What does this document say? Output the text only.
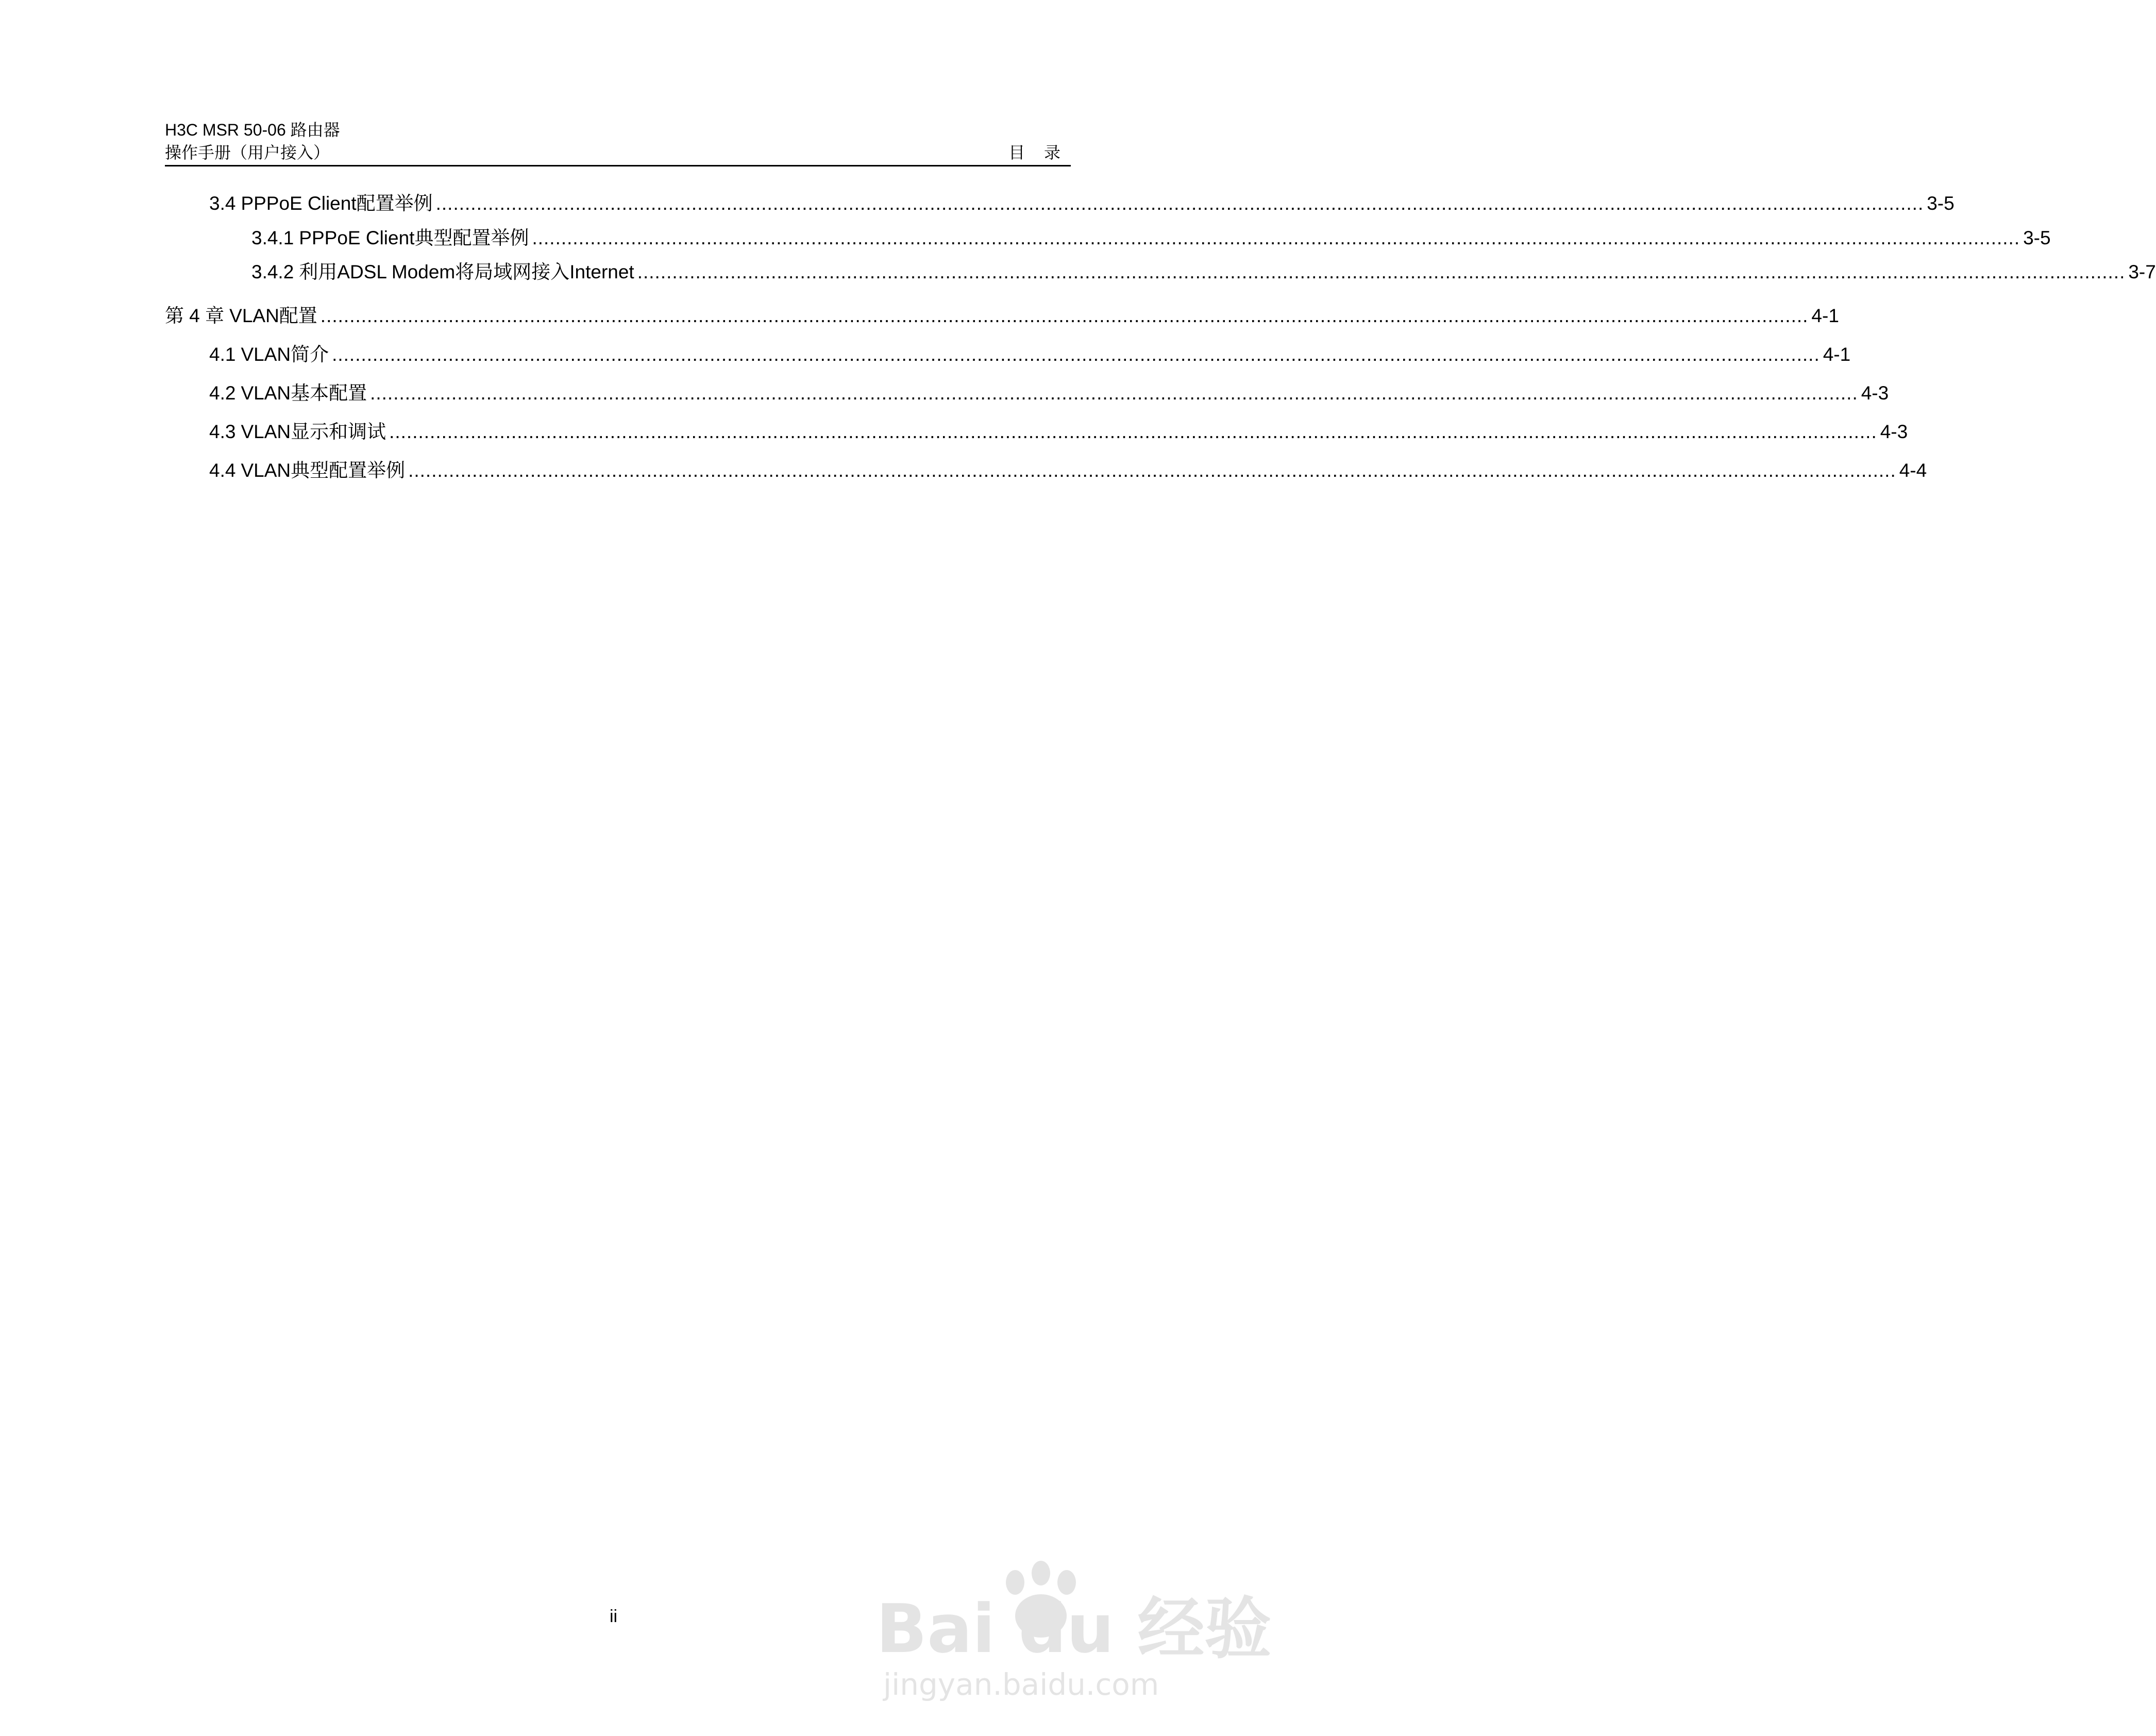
H3C MSR 50-06 路由器
操作手册（用户接入）	目 录
3.4 PPPoE Client配置举例 ................................................................................................................................................................................................................................................................ 3-5
3.4.1 PPPoE Client典型配置举例 ................................................................................................................................................................................................................................................................ 3-5
3.4.2 利用ADSL Modem将局域网接入Internet ................................................................................................................................................................................................................................................................ 3-7
第 4 章 VLAN配置 ................................................................................................................................................................................................................................................................ 4-1
4.1 VLAN简介 ................................................................................................................................................................................................................................................................ 4-1
4.2 VLAN基本配置 ................................................................................................................................................................................................................................................................ 4-3
4.3 VLAN显示和调试 ................................................................................................................................................................................................................................................................ 4-3
4.4 VLAN典型配置举例 ................................................................................................................................................................................................................................................................ 4-4
ii	Bai du 经验
jingyan.baidu.com
